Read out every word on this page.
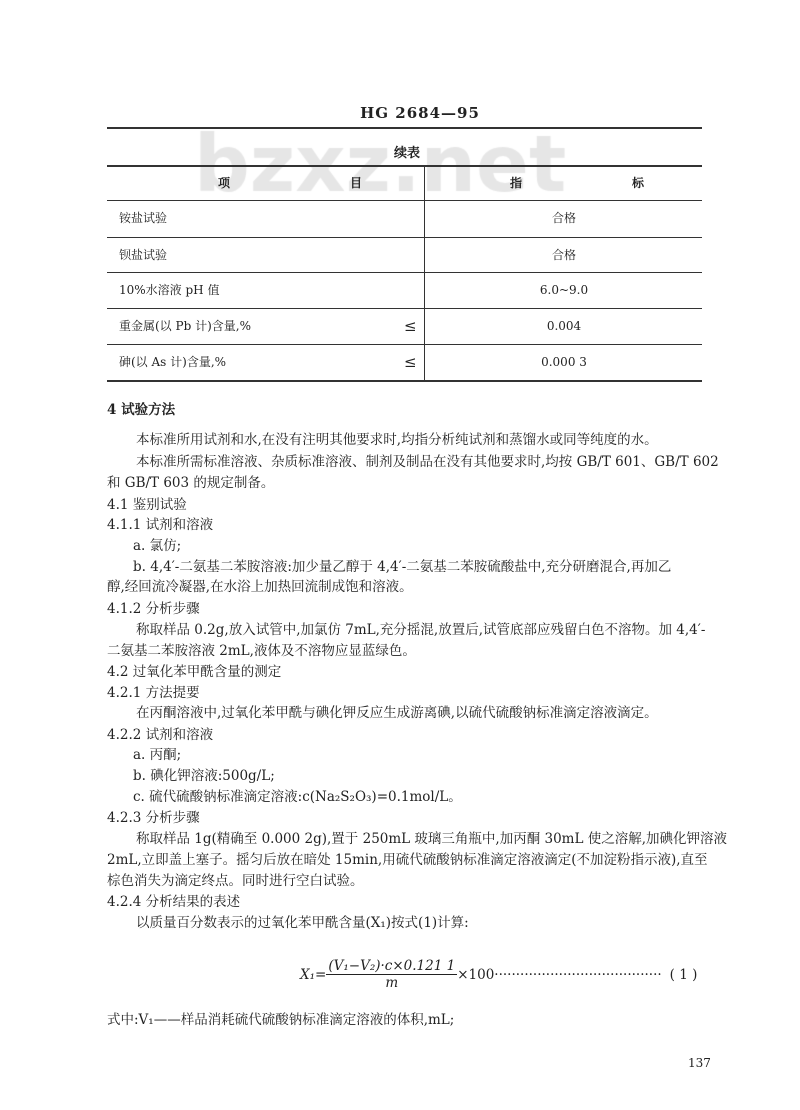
HG 2684—95
续表
项	目	指	标
铵盐试验	合格
钡盐试验	合格
10%水溶液 pH 值	6.0~9.0
重金属(以 Pb 计)含量,%	≤	0.004
砷(以 As 计)含量,%	≤	0.000 3
4 试验方法
本标准所用试剂和水,在没有注明其他要求时,均指分析纯试剂和蒸馏水或同等纯度的水。
本标准所需标准溶液、杂质标准溶液、制剂及制品在没有其他要求时,均按 GB/T 601、GB/T 602
和 GB/T 603 的规定制备。
4.1 鉴别试验
4.1.1 试剂和溶液
a. 氯仿;
b. 4,4′-二氨基二苯胺溶液:加少量乙醇于 4,4′-二氨基二苯胺硫酸盐中,充分研磨混合,再加乙
醇,经回流冷凝器,在水浴上加热回流制成饱和溶液。
4.1.2 分析步骤
称取样品 0.2g,放入试管中,加氯仿 7mL,充分摇混,放置后,试管底部应残留白色不溶物。加 4,4′-
二氨基二苯胺溶液 2mL,液体及不溶物应显蓝绿色。
4.2 过氧化苯甲酰含量的测定
4.2.1 方法提要
在丙酮溶液中,过氧化苯甲酰与碘化钾反应生成游离碘,以硫代硫酸钠标准滴定溶液滴定。
4.2.2 试剂和溶液
a. 丙酮;
b. 碘化钾溶液:500g/L;
c. 硫代硫酸钠标准滴定溶液:c(Na₂S₂O₃)=0.1mol/L。
4.2.3 分析步骤
称取样品 1g(精确至 0.000 2g),置于 250mL 玻璃三角瓶中,加丙酮 30mL 使之溶解,加碘化钾溶液
2mL,立即盖上塞子。摇匀后放在暗处 15min,用硫代硫酸钠标准滴定溶液滴定(不加淀粉指示液),直至
棕色消失为滴定终点。同时进行空白试验。
4.2.4 分析结果的表述
以质量百分数表示的过氧化苯甲酰含量(X₁)按式(1)计算:
$X_1= \frac{\text{(V₁−V₂)·c×0.121 1}}{m} \times 100$ ······································· ( 1 )
式中:V₁——样品消耗硫代硫酸钠标准滴定溶液的体积,mL;
137
